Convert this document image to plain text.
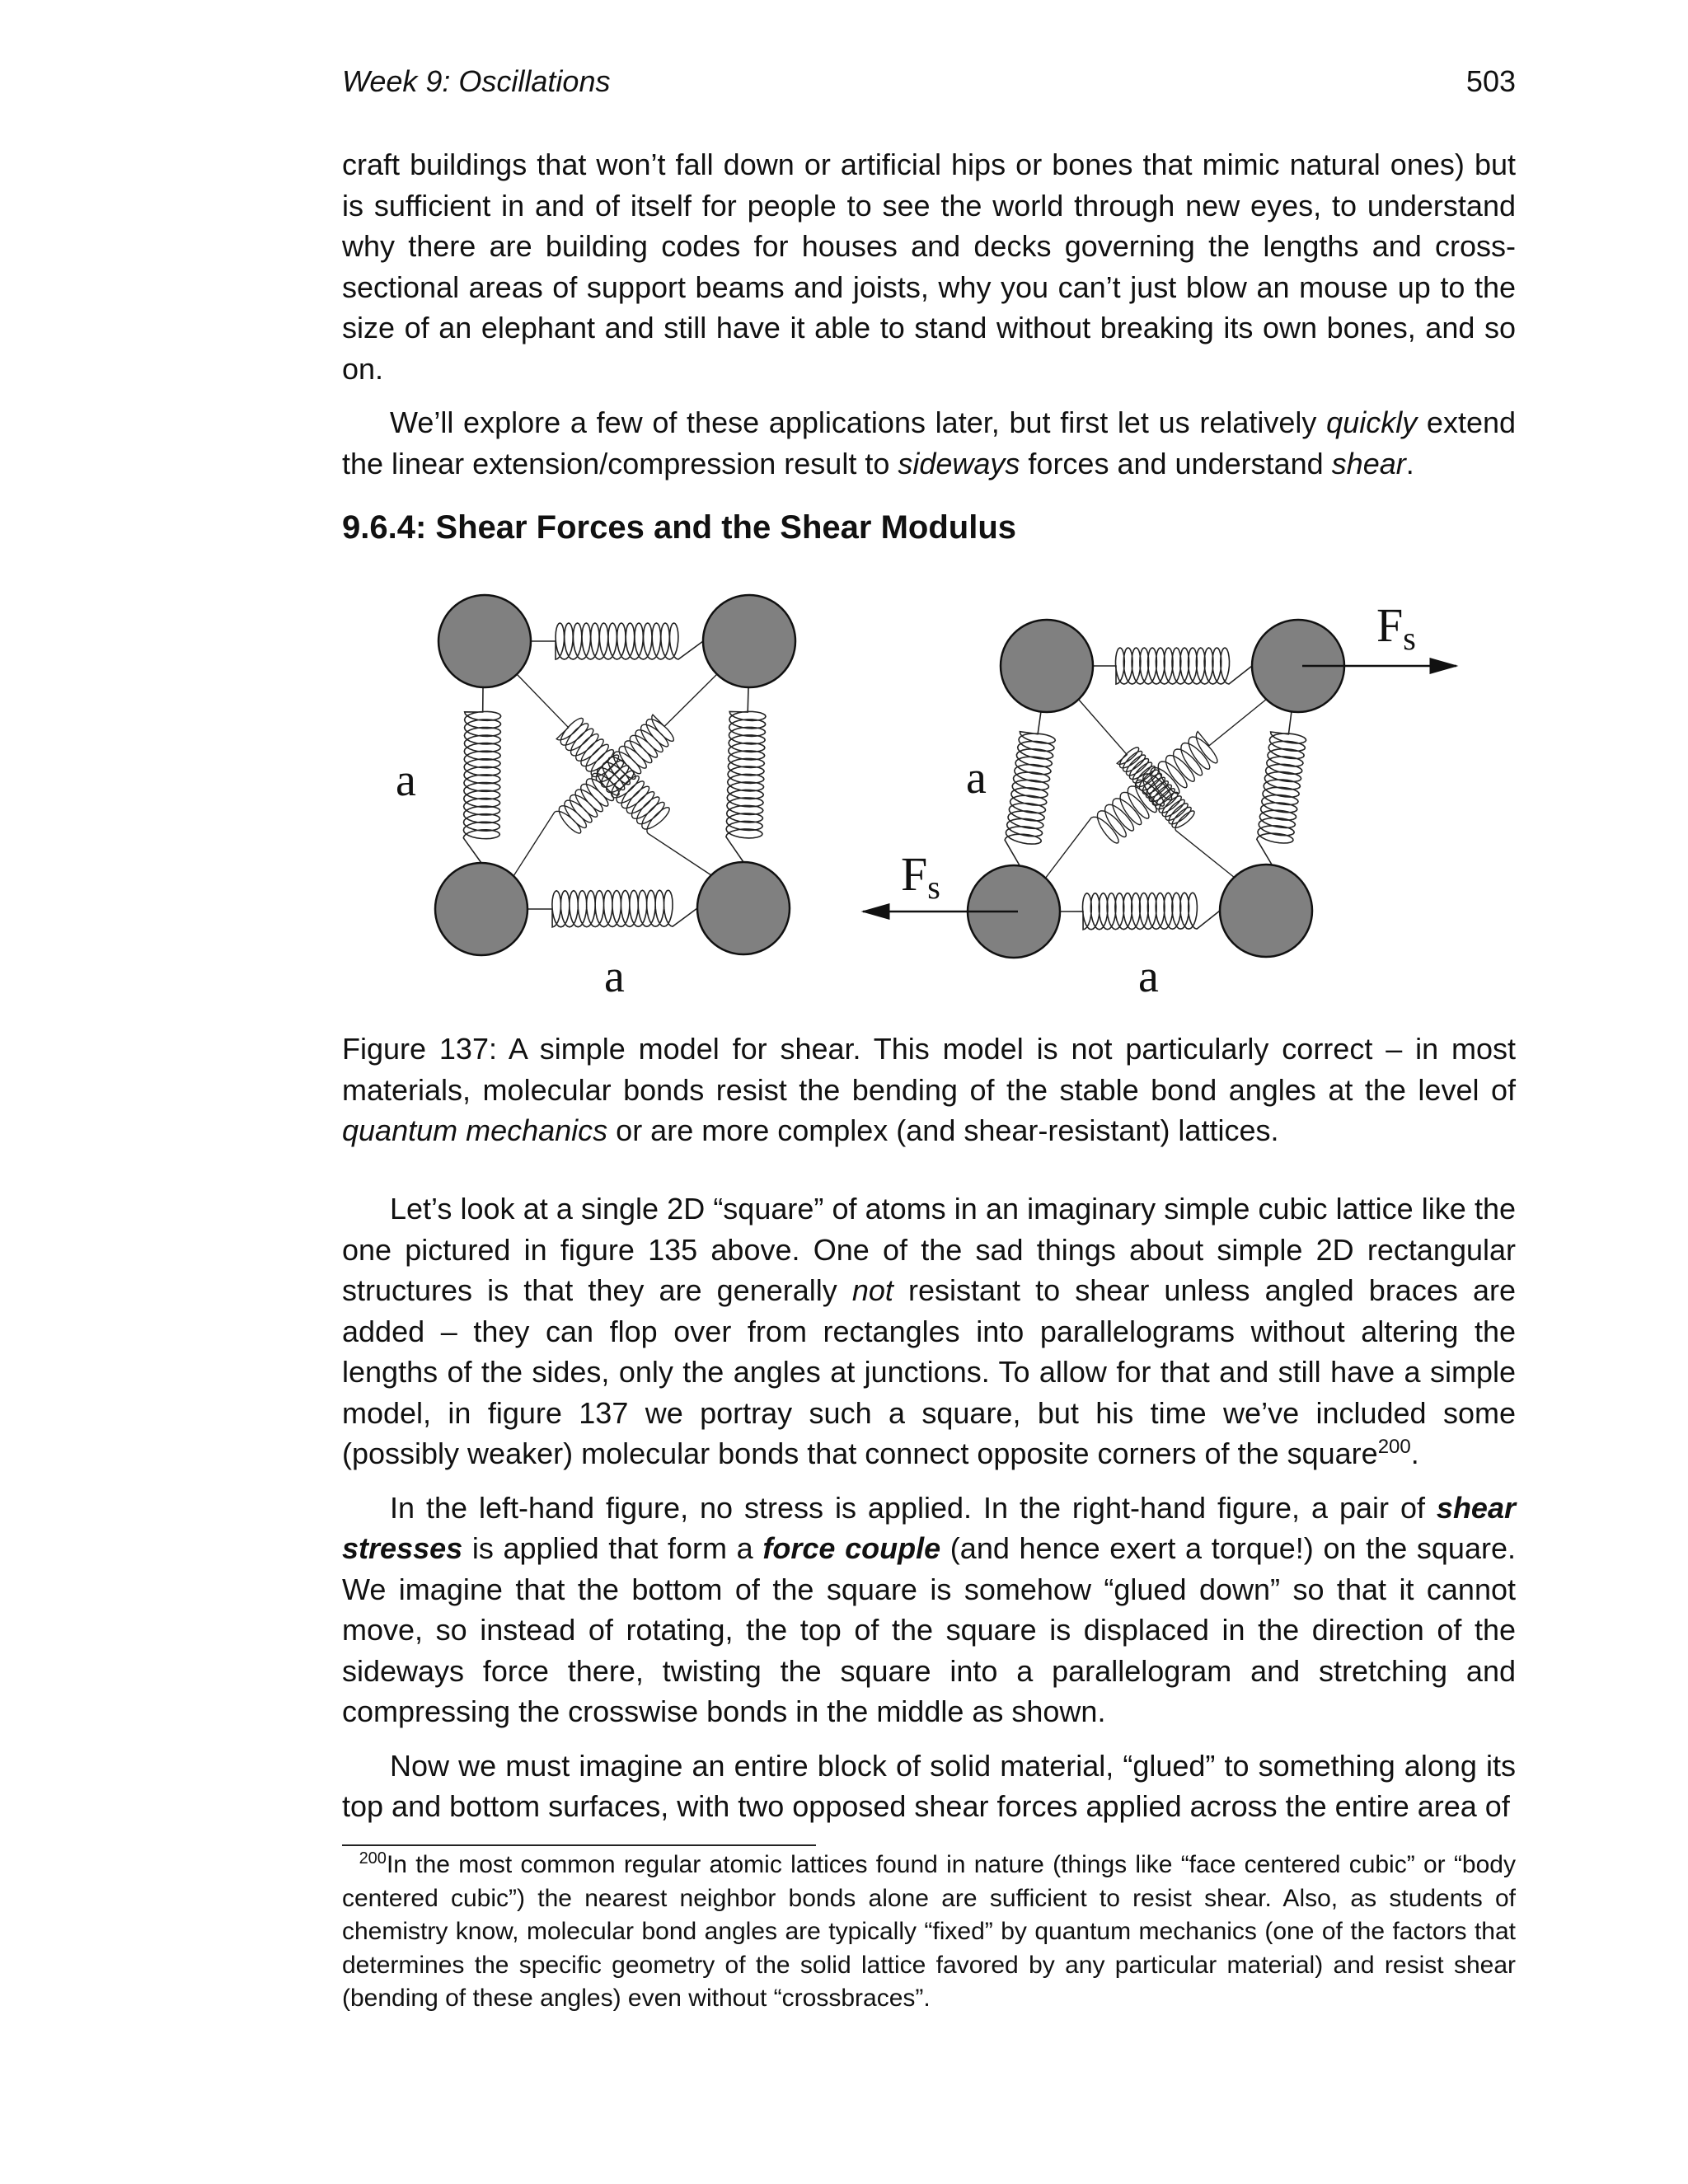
Week 9: Oscillations	503

craft buildings that won’t fall down or artificial hips or bones that mimic natural ones) but is sufficient in and of itself for people to see the world through new eyes, to understand why there are building codes for houses and decks governing the lengths and cross-sectional areas of support beams and joists, why you can’t just blow an mouse up to the size of an elephant and still have it able to stand without breaking its own bones, and so on.

We’ll explore a few of these applications later, but first let us relatively quickly extend the linear extension/compression result to sideways forces and understand shear.

9.6.4: Shear Forces and the Shear Modulus
a
a
Fs
Fs
a
a
Figure 137: A simple model for shear. This model is not particularly correct – in most materials, molecular bonds resist the bending of the stable bond angles at the level of quantum mechanics or are more complex (and shear-resistant) lattices.

Let’s look at a single 2D “square” of atoms in an imaginary simple cubic lattice like the one pictured in figure 135 above. One of the sad things about simple 2D rectangular structures is that they are generally not resistant to shear unless angled braces are added – they can flop over from rectangles into parallelograms without altering the lengths of the sides, only the angles at junctions. To allow for that and still have a simple model, in figure 137 we portray such a square, but his time we’ve included some (possibly weaker) molecular bonds that connect opposite corners of the square$^{200}$.

In the left-hand figure, no stress is applied. In the right-hand figure, a pair of shear stresses is applied that form a force couple (and hence exert a torque!) on the square. We imagine that the bottom of the square is somehow “glued down” so that it cannot move, so instead of rotating, the top of the square is displaced in the direction of the sideways force there, twisting the square into a parallelogram and stretching and compressing the crosswise bonds in the middle as shown.

Now we must imagine an entire block of solid material, “glued” to something along its top and bottom surfaces, with two opposed shear forces applied across the entire area of

$^{200}$In the most common regular atomic lattices found in nature (things like “face centered cubic” or “body centered cubic”) the nearest neighbor bonds alone are sufficient to resist shear. Also, as students of chemistry know, molecular bond angles are typically “fixed” by quantum mechanics (one of the factors that determines the specific geometry of the solid lattice favored by any particular material) and resist shear (bending of these angles) even without “crossbraces”.
